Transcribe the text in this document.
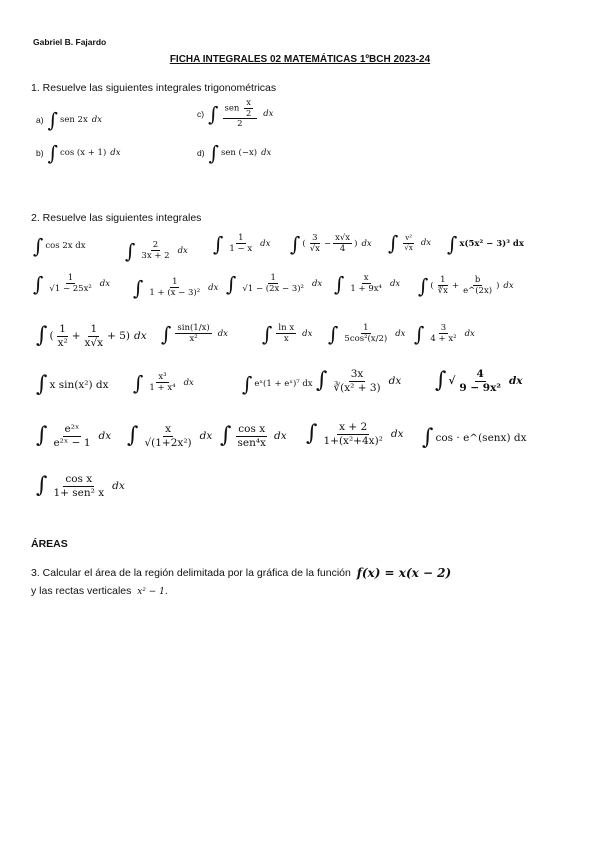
Gabriel B. Fajardo
FICHA INTEGRALES 02 MATEMÁTICAS 1ºBCH 2023-24
1. Resuelve las siguientes integrales trigonométricas
a) ∫ sen 2x dx
b) ∫ cos (x + 1) dx
c) ∫ $\frac{sen \frac{x}{2}}{2}$ dx
d) ∫ sen (−x) dx
2. Resuelve las siguientes integrales
∫ cos 2x dx ∫ $\frac{2}{3x + 2}$ dx ∫ $\frac{1}{1 - x}$ dx ∫ ( $\frac{3}{√x} - \frac{x√x}{4}$ ) dx ∫ $\frac{\text{v²}}{√x}$ dx ∫ x(5x² − 3)³ dx
∫ $\frac{1}{\text{√1 − 25x²}}$ dx ∫ $\frac{1}{\text{1 + (x − 3)²}}$ dx ∫ $\frac{1}{\text{√1 − (2x − 3)²}}$ dx ∫ $\frac{x}{\text{1 + 9x⁴}}$ dx ∫ ( $\frac{1}{∜x} + \frac{b}{e\^{}(2x)}$ ) dx
∫ ( $\frac{1}{\text{x²}} + \frac{1}{x√x} + 5$ ) dx ∫ $\frac{\sin(1/x)}{\text{x²}}$ dx ∫ $\frac{\text{ln x}}{x}$ dx ∫ $\frac{1}{\text{5cos²(x/2)}}$ dx ∫ $\frac{3}{\text{4 + x²}}$ dx
∫ x sin(x²) dx ∫ $\frac{\text{x³}}{\text{1 + x⁴}}$ dx ∫ eˣ(1 + eˣ)⁷ dx ∫ $\frac{3x}{\text{∛(x² + 3)}}$ dx ∫ √ $\frac{4}{\text{9 − 9x²}}$ dx
∫ $\frac{\text{e²ˣ}}{\text{e²ˣ − 1}}$ dx ∫ $\frac{x}{\text{√(1+2x²)}}$ dx ∫ $\frac{\text{cos x}}{\text{sen⁴x}}$ dx ∫ $\frac{x + 2}{\text{1+(x²+4x)²}}$ dx ∫ cos · e^(senx) dx
∫ $\frac{\text{cos x}}{\text{1+ sen² x}}$ dx
ÁREAS
3. Calcular el área de la región delimitada por la gráfica de la función
f(x) = x(x − 2)
y las rectas verticales x² − 1.
